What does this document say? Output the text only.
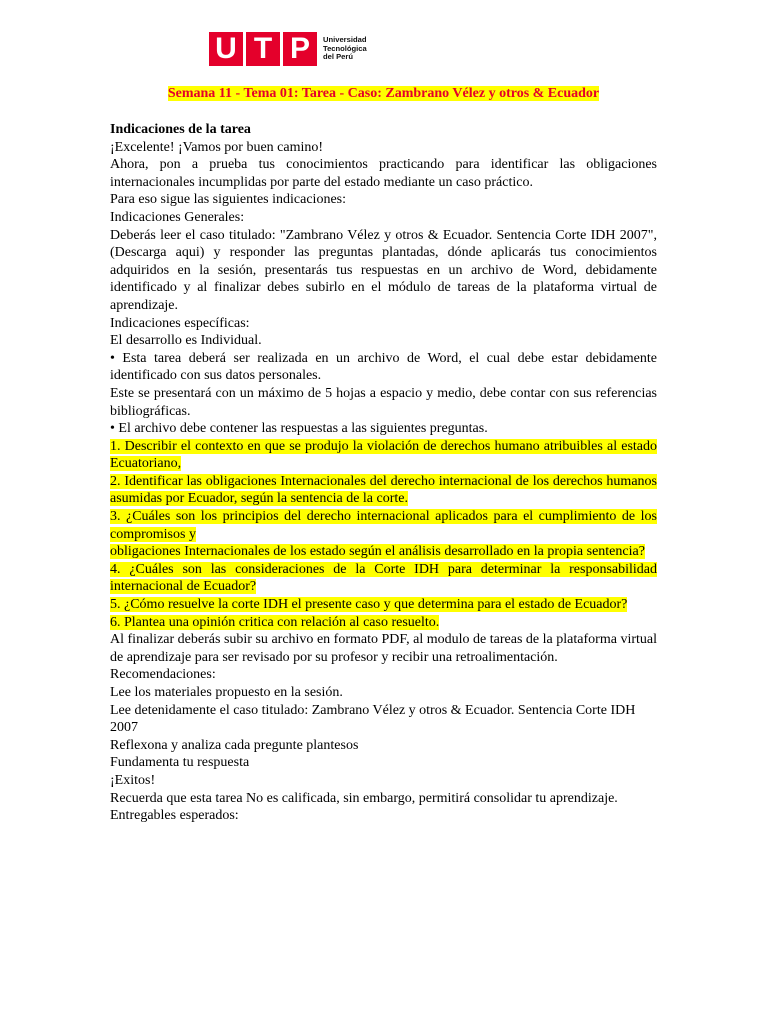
U T P	Universidad
Tecnológica
del Perú
Semana 11 - Tema 01: Tarea - Caso: Zambrano Vélez y otros & Ecuador

Indicaciones de la tarea

¡Excelente! ¡Vamos por buen camino!

Ahora, pon a prueba tus conocimientos practicando para identificar las obligaciones internacionales incumplidas por parte del estado mediante un caso práctico.

Para eso sigue las siguientes indicaciones:

Indicaciones Generales:

Deberás leer el caso titulado: "Zambrano Vélez y otros & Ecuador. Sentencia Corte IDH 2007", (Descarga aqui) y responder las preguntas plantadas, dónde aplicarás tus conocimientos adquiridos en la sesión, presentarás tus respuestas en un archivo de Word, debidamente identificado y al finalizar debes subirlo en el módulo de tareas de la plataforma virtual de aprendizaje.

Indicaciones específicas:

El desarrollo es Individual.

• Esta tarea deberá ser realizada en un archivo de Word, el cual debe estar debidamente identificado con sus datos personales.

Este se presentará con un máximo de 5 hojas a espacio y medio, debe contar con sus referencias bibliográficas.

• El archivo debe contener las respuestas a las siguientes preguntas.

1. Describir el contexto en que se produjo la violación de derechos humano atribuibles al estado Ecuatoriano,

2. Identificar las obligaciones Internacionales del derecho internacional de los derechos humanos asumidas por Ecuador, según la sentencia de la corte.

3. ¿Cuáles son los principios del derecho internacional aplicados para el cumplimiento de los compromisos y

obligaciones Internacionales de los estado según el análisis desarrollado en la propia sentencia?

4. ¿Cuáles son las consideraciones de la Corte IDH para determinar la responsabilidad internacional de Ecuador?

5. ¿Cómo resuelve la corte IDH el presente caso y que determina para el estado de Ecuador?

6. Plantea una opinión critica con relación al caso resuelto.

Al finalizar deberás subir su archivo en formato PDF, al modulo de tareas de la plataforma virtual de aprendizaje para ser revisado por su profesor y recibir una retroalimentación.

Recomendaciones:

Lee los materiales propuesto en la sesión.

Lee detenidamente el caso titulado: Zambrano Vélez y otros & Ecuador. Sentencia Corte IDH 2007

Reflexona y analiza cada pregunte plantesos

Fundamenta tu respuesta

¡Exitos!

Recuerda que esta tarea No es calificada, sin embargo, permitirá consolidar tu aprendizaje.

Entregables esperados:
